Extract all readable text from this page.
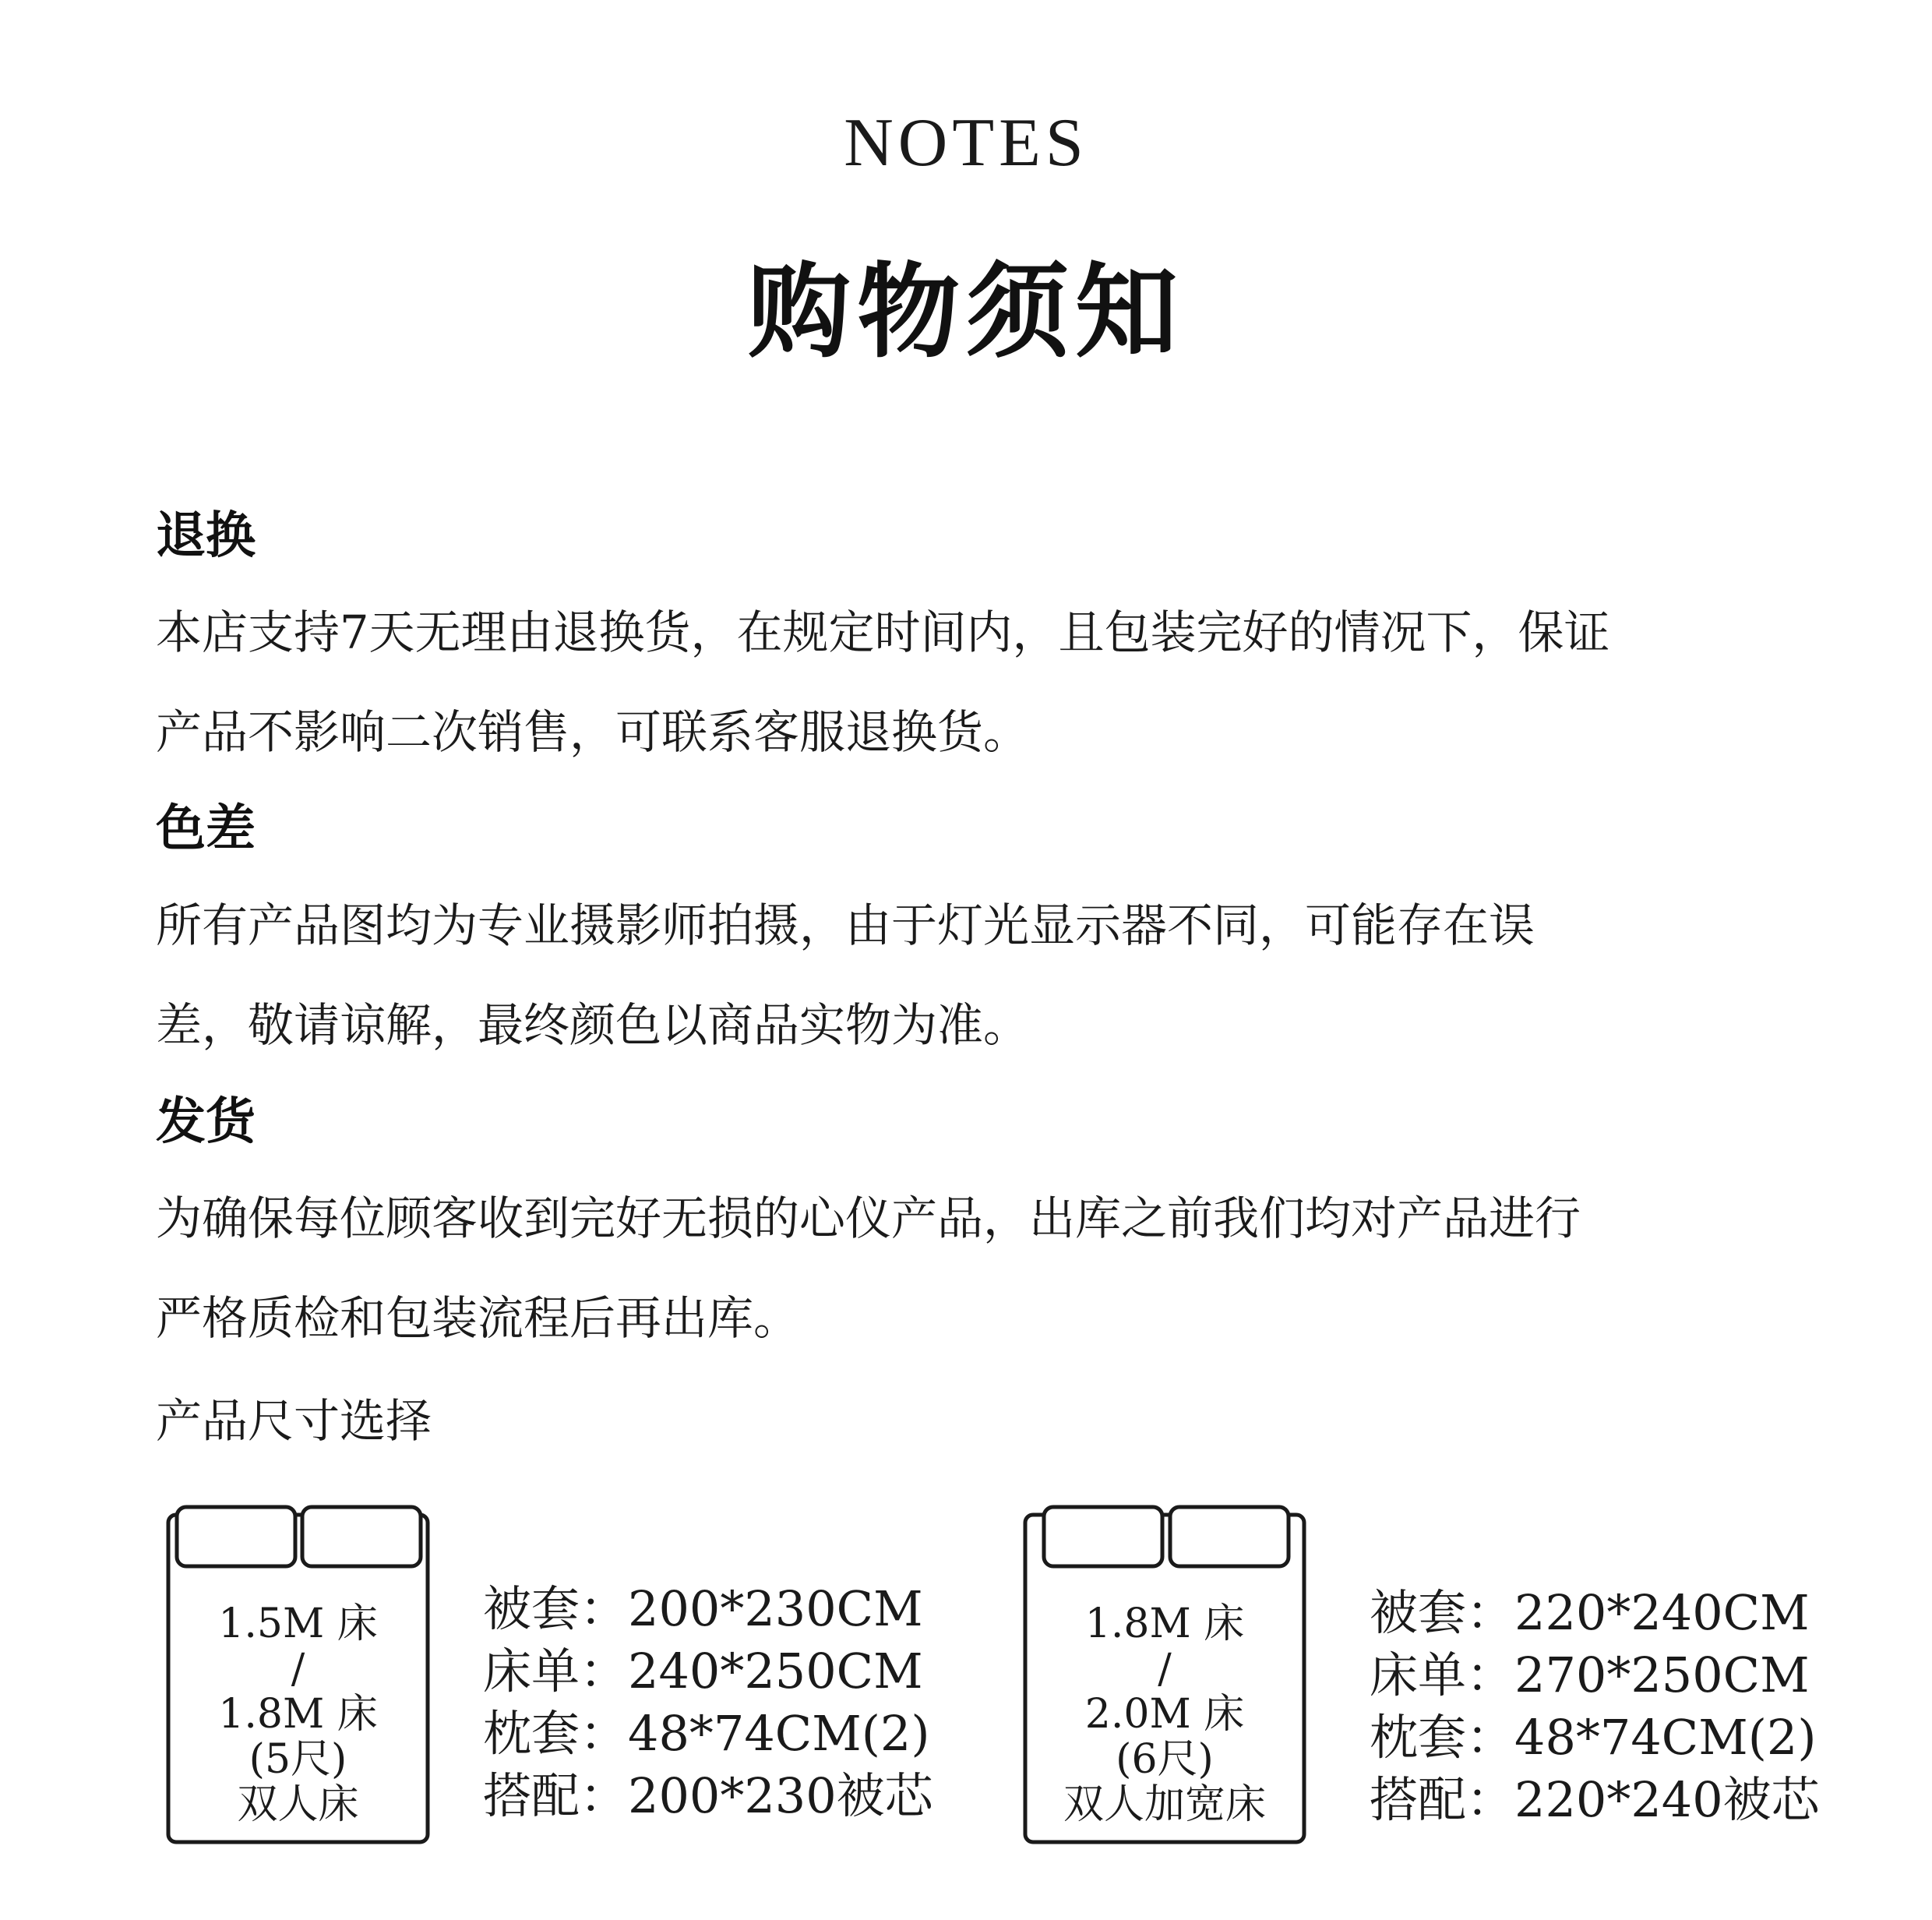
NOTES
购物须知
退换
本店支持7天无理由退换货，在规定时间内，且包装完好的情况下，保证
产品不影响二次销售，可联系客服退换货。
色差
所有产品图均为专业摄影师拍摄，由于灯光显示器不同，可能存在误
差，敬请谅解，最终颜色以商品实物为准。
发货
为确保每位顾客收到完好无损的心仪产品，出库之前我们均对产品进行
严格质检和包装流程后再出库。
产品尺寸选择
1.5M 床
/
1.8M 床
(5尺)
双人床
被套：200*230CM
床单：240*250CM
枕套：48*74CM(2)
搭配：200*230被芯
1.8M 床
/
2.0M 床
(6尺)
双人加宽床
被套：220*240CM
床单：270*250CM
枕套：48*74CM(2)
搭配：220*240被芯
